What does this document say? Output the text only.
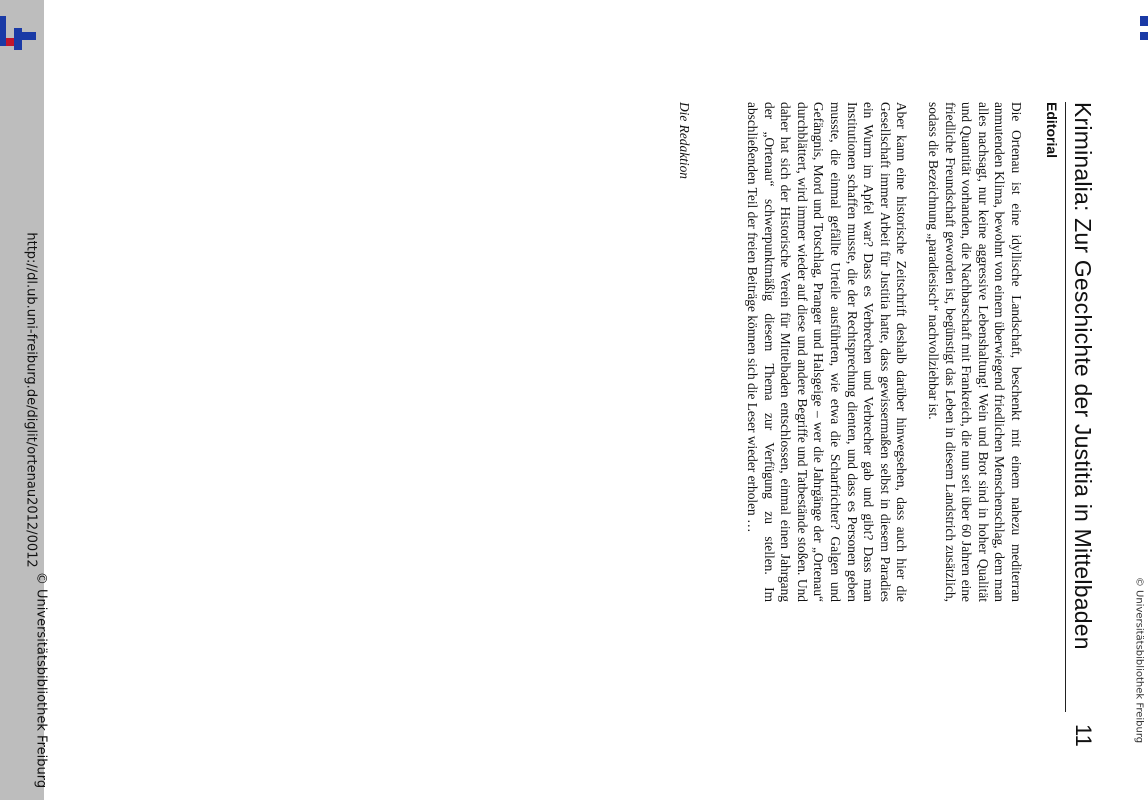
http://dl.ub.uni-freiburg.de/diglit/ortenau2012/0012
© Universitätsbibliothek Freiburg	© Universitätsbibliothek Freiburg
11
Kriminalia: Zur Geschichte der Justitia in Mittelbaden
Editorial

Die Ortenau ist eine idyllische Landschaft, beschenkt mit einem nahezu mediterran anmutenden Klima, bewohnt von einem überwiegend friedlichen Menschenschlag, dem man alles nachsagt, nur keine aggressive Lebenshaltung! Wein und Brot sind in hoher Qualität und Quantität vorhanden, die Nachbarschaft mit Frankreich, die nun seit über 60 Jahren eine friedliche Freundschaft geworden ist, begünstigt das Leben in diesem Landstrich zusätzlich, sodass die Bezeichnung „paradiesisch“ nachvollziehbar ist.

Aber kann eine historische Zeitschrift deshalb darüber hinwegsehen, dass auch hier die Gesellschaft immer Arbeit für Justitia hatte, dass gewissermaßen selbst in diesem Paradies ein Wurm im Apfel war? Dass es Verbrechen und Verbrecher gab und gibt? Dass man Institutionen schaffen musste, die der Rechtsprechung dienten, und dass es Personen geben musste, die einmal gefällte Urteile ausführten, wie etwa die Scharfrichter? Galgen und Gefängnis, Mord und Totschlag, Pranger und Halsgeige – wer die Jahrgänge der „Ortenau“ durchblättert, wird immer wieder auf diese und andere Begriffe und Tatbestände stoßen. Und daher hat sich der Historische Verein für Mittelbaden entschlossen, einmal einen Jahrgang der „Ortenau“ schwerpunktmäßig diesem Thema zur Verfügung zu stellen. Im abschließenden Teil der freien Beiträge können sich die Leser wieder erholen …

Die Redaktion
